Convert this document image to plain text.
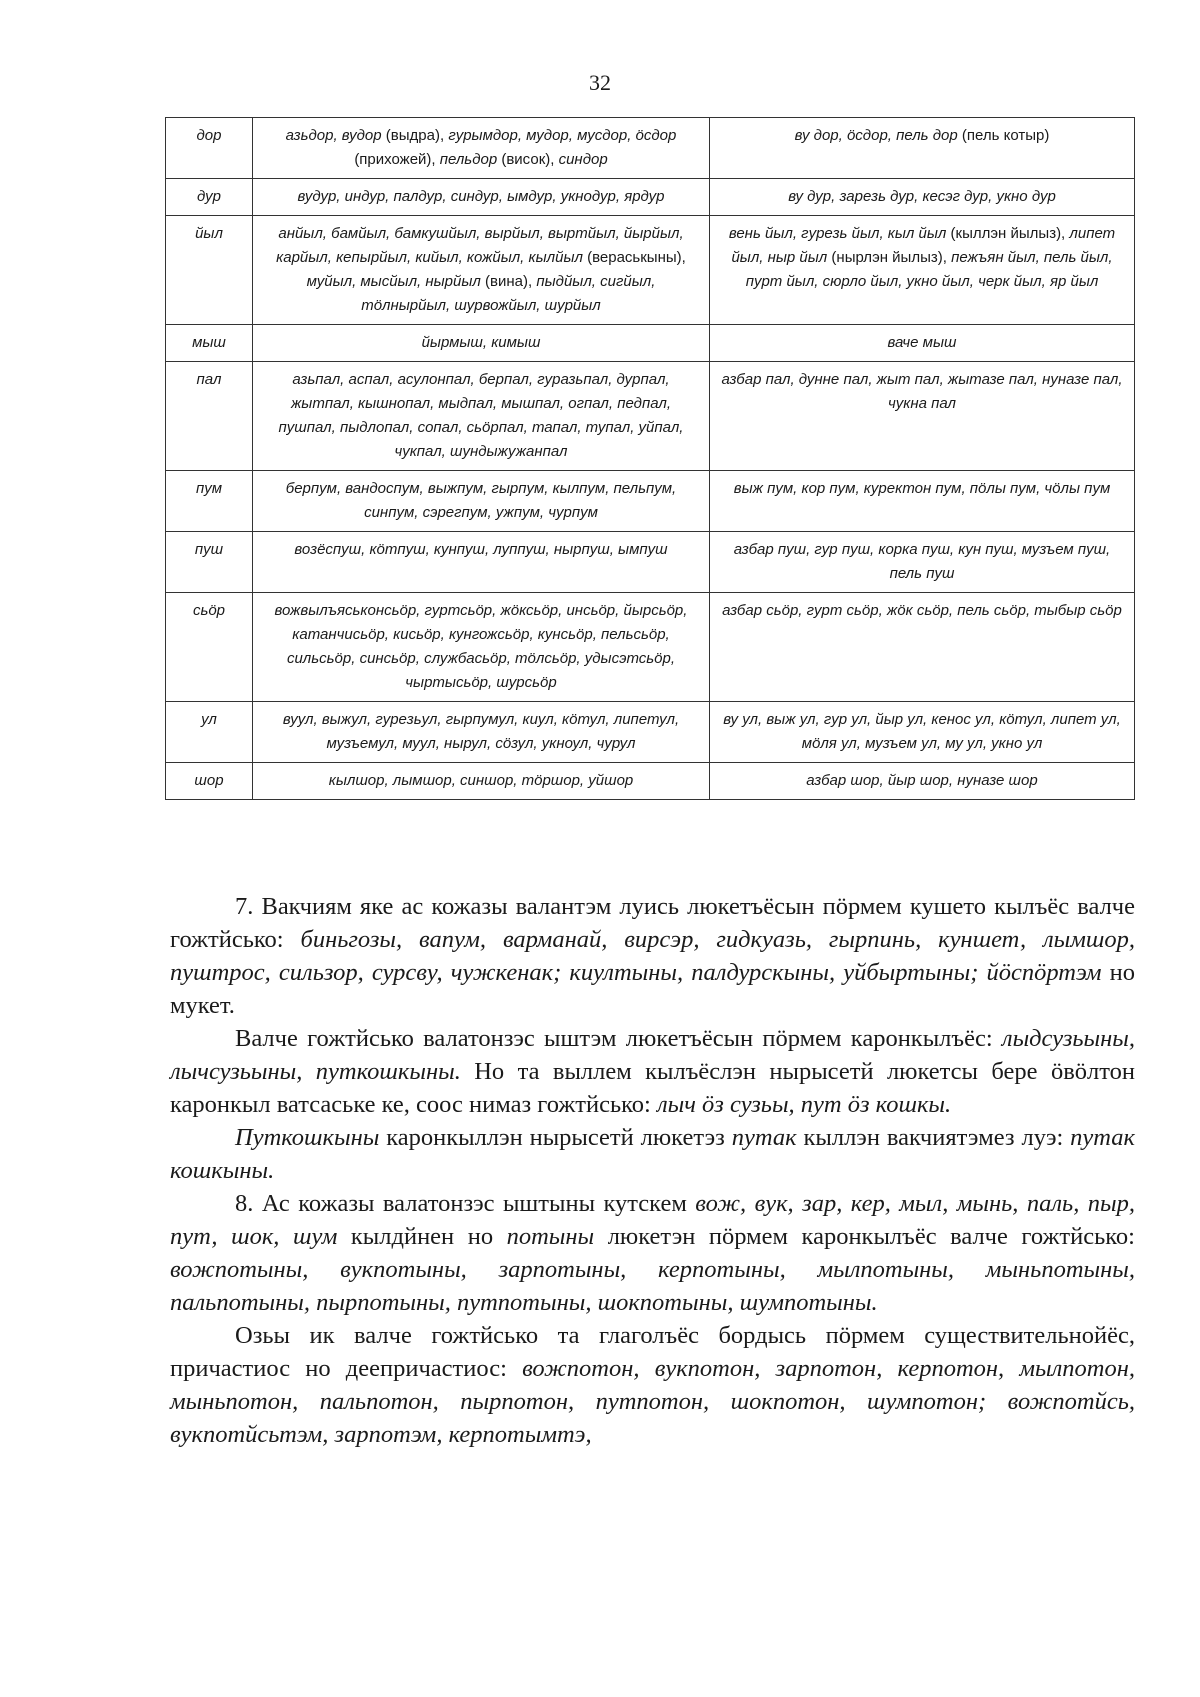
32
дор	азьдор, вудор (выдра), гурымдор, мудор, мусдор, öсдор (прихожей), пельдор (висок), синдор	ву дор, öсдор, пель дор (пель котыр)
дур	вудур, индур, палдур, синдур, ымдур, укнодур, ярдур	ву дур, зарезь дур, кесэг дур, укно дур
йыл	анйыл, бамйыл, бамкушйыл, вырйыл, выртйыл, йырйыл, карйыл, кепырйыл, кийыл, кожйыл, кылйыл (вераськыны), муйыл, мысйыл, нырйыл (вина), пыдйыл, сигйыл, тöлнырйыл, шурвожйыл, шурйыл	вень йыл, гурезь йыл, кыл йыл (кыллэн йылыз), липет йыл, ныр йыл (нырлэн йылыз), пежъян йыл, пель йыл, пурт йыл, сюрло йыл, укно йыл, черк йыл, яр йыл
мыш	йырмыш, кимыш	ваче мыш
пал	азьпал, аспал, асулонпал, берпал, гуразьпал, дурпал, жытпал, кышнопал, мыдпал, мышпал, огпал, педпал, пушпал, пыдлопал, сопал, сьöрпал, тапал, тупал, уйпал, чукпал, шундыжужанпал	азбар пал, дунне пал, жыт пал, жытазе пал, нуназе пал, чукна пал
пум	берпум, вандоспум, выжпум, гырпум, кылпум, пельпум, синпум, сэрегпум, ужпум, чурпум	выж пум, кор пум, куректон пум, пöлы пум, чöлы пум
пуш	возёспуш, кöтпуш, кунпуш, луппуш, нырпуш, ымпуш	азбар пуш, гур пуш, корка пуш, кун пуш, музъем пуш, пель пуш
сьöр	вожвылъяськонсьöр, гуртсьöр, жöксьöр, инсьöр, йырсьöр, катанчисьöр, кисьöр, кунгожсьöр, кунсьöр, пельсьöр, сильсьöр, синсьöр, службасьöр, тöлсьöр, удысэтсьöр, чыртысьöр, шурсьöр	азбар сьöр, гурт сьöр, жöк сьöр, пель сьöр, тыбыр сьöр
ул	вуул, выжул, гурезьул, гырпумул, киул, кöтул, липетул, музъемул, муул, нырул, сöзул, укноул, чурул	ву ул, выж ул, гур ул, йыр ул, кенос ул, кöтул, липет ул, мöля ул, музъем ул, му ул, укно ул
шор	кылшор, лымшор, синшор, тöршор, уйшор	азбар шор, йыр шор, нуназе шор

7. Вакчиям яке ас кожазы валантэм луись люкетъёсын пöрмем кушето кылъёс валче гожтйсько: биньгозы, вапум, варманай, вирсэр, гидкуазь, гырпинь, куншет, лымшор, пуштрос, сильзор, сурсву, чужкенак; киултыны, палдурскыны, уйбыртыны; йöспöртэм но мукет.

Валче гожтйсько валатонзэс ыштэм люкетъёсын пöрмем каронкылъёс: лыдсузьыны, лычсузьыны, путкошкыны. Но та выллем кылъёслэн нырысетй люкетсы бере öвöлтон каронкыл ватсаське ке, соос нимаз гожтйсько: лыч öз сузьы, пут öз кошкы.

Путкошкыны каронкыллэн нырысетй люкетэз путак кыллэн вакчиятэмез луэ: путак кошкыны.

8. Ас кожазы валатонзэс ыштыны кутскем вож, вук, зар, кер, мыл, мынь, паль, пыр, пут, шок, шум кылдйнен но потыны люкетэн пöрмем каронкылъёс валче гожтйсько: вожпотыны, вукпотыны, зарпотыны, керпотыны, мылпотыны, мыньпотыны, пальпотыны, пырпотыны, путпотыны, шокпотыны, шумпотыны.

Озьы ик валче гожтйсько та глаголъёс бордысь пöрмем существительнойёс, причастиос но деепричастиос: вожпотон, вукпотон, зарпотон, керпотон, мылпотон, мыньпотон, пальпотон, пырпотон, путпотон, шокпотон, шумпотон; вожпотйсь, вукпотйсьтэм, зарпотэм, керпотымтэ,
